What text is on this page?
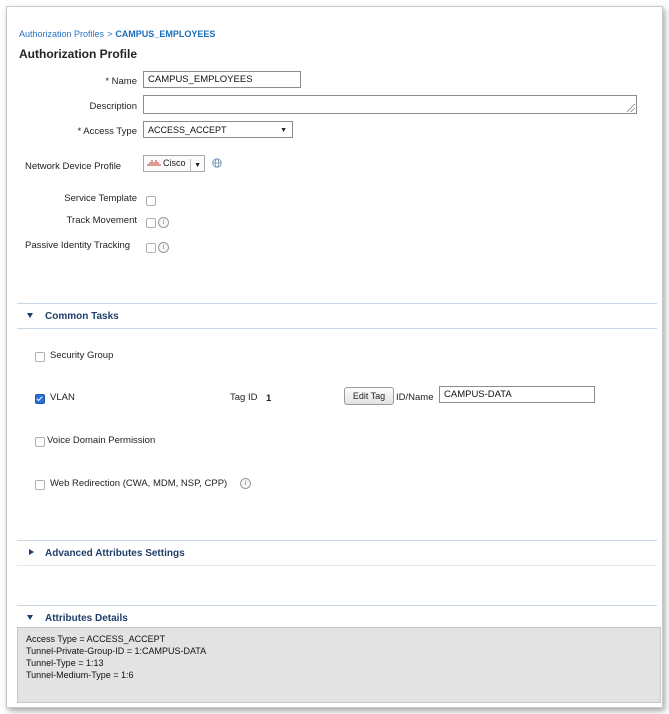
Authorization Profiles > CAMPUS_EMPLOYEES
Authorization Profile
* Name	CAMPUS_EMPLOYEES
Description
* Access Type	ACCESS_ACCEPT	▼
Network Device Profile	Cisco	▼
Service Template
Track Movement	i
Passive Identity Tracking	i
Common Tasks
Security Group
VLAN	Tag ID 1	Edit Tag	ID/Name	CAMPUS-DATA
Voice Domain Permission
Web Redirection (CWA, MDM, NSP, CPP)	i
Advanced Attributes Settings
Attributes Details
Access Type = ACCESS_ACCEPT
Tunnel-Private-Group-ID = 1:CAMPUS-DATA
Tunnel-Type = 1:13
Tunnel-Medium-Type = 1:6
